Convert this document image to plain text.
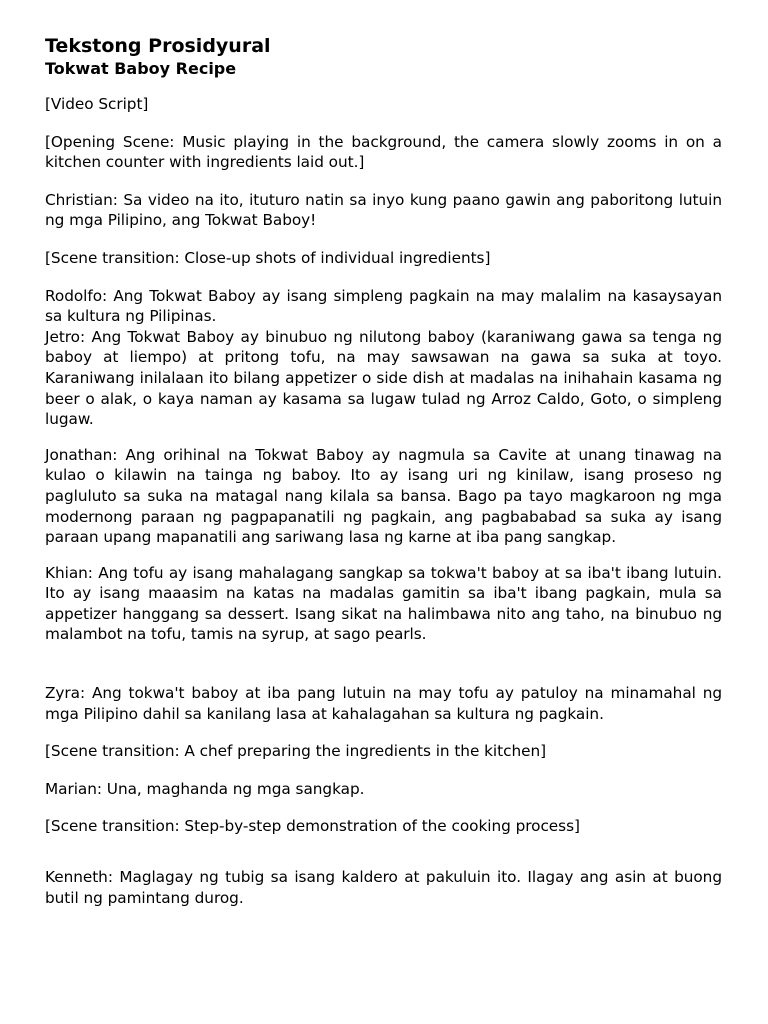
Tekstong Prosidyural
Tokwat Baboy Recipe

[Video Script]

[Opening Scene: Music playing in the background, the camera slowly zooms in on a kitchen counter with ingredients laid out.]

Christian: Sa video na ito, ituturo natin sa inyo kung paano gawin ang paboritong lutuin ng mga Pilipino, ang Tokwat Baboy!

[Scene transition: Close-up shots of individual ingredients]

Rodolfo: Ang Tokwat Baboy ay isang simpleng pagkain na may malalim na kasaysayan sa kultura ng Pilipinas.

Jetro: Ang Tokwat Baboy ay binubuo ng nilutong baboy (karaniwang gawa sa tenga ng baboy at liempo) at pritong tofu, na may sawsawan na gawa sa suka at toyo. Karaniwang inilalaan ito bilang appetizer o side dish at madalas na inihahain kasama ng beer o alak, o kaya naman ay kasama sa lugaw tulad ng Arroz Caldo, Goto, o simpleng lugaw.

Jonathan: Ang orihinal na Tokwat Baboy ay nagmula sa Cavite at unang tinawag na kulao o kilawin na tainga ng baboy. Ito ay isang uri ng kinilaw, isang proseso ng pagluluto sa suka na matagal nang kilala sa bansa. Bago pa tayo magkaroon ng mga modernong paraan ng pagpapanatili ng pagkain, ang pagbababad sa suka ay isang paraan upang mapanatili ang sariwang lasa ng karne at iba pang sangkap.

Khian: Ang tofu ay isang mahalagang sangkap sa tokwa't baboy at sa iba't ibang lutuin. Ito ay isang maaasim na katas na madalas gamitin sa iba't ibang pagkain, mula sa appetizer hanggang sa dessert. Isang sikat na halimbawa nito ang taho, na binubuo ng malambot na tofu, tamis na syrup, at sago pearls.

Zyra: Ang tokwa't baboy at iba pang lutuin na may tofu ay patuloy na minamahal ng mga Pilipino dahil sa kanilang lasa at kahalagahan sa kultura ng pagkain.

[Scene transition: A chef preparing the ingredients in the kitchen]

Marian: Una, maghanda ng mga sangkap.

[Scene transition: Step-by-step demonstration of the cooking process]

Kenneth: Maglagay ng tubig sa isang kaldero at pakuluin ito. Ilagay ang asin at buong butil ng pamintang durog.
